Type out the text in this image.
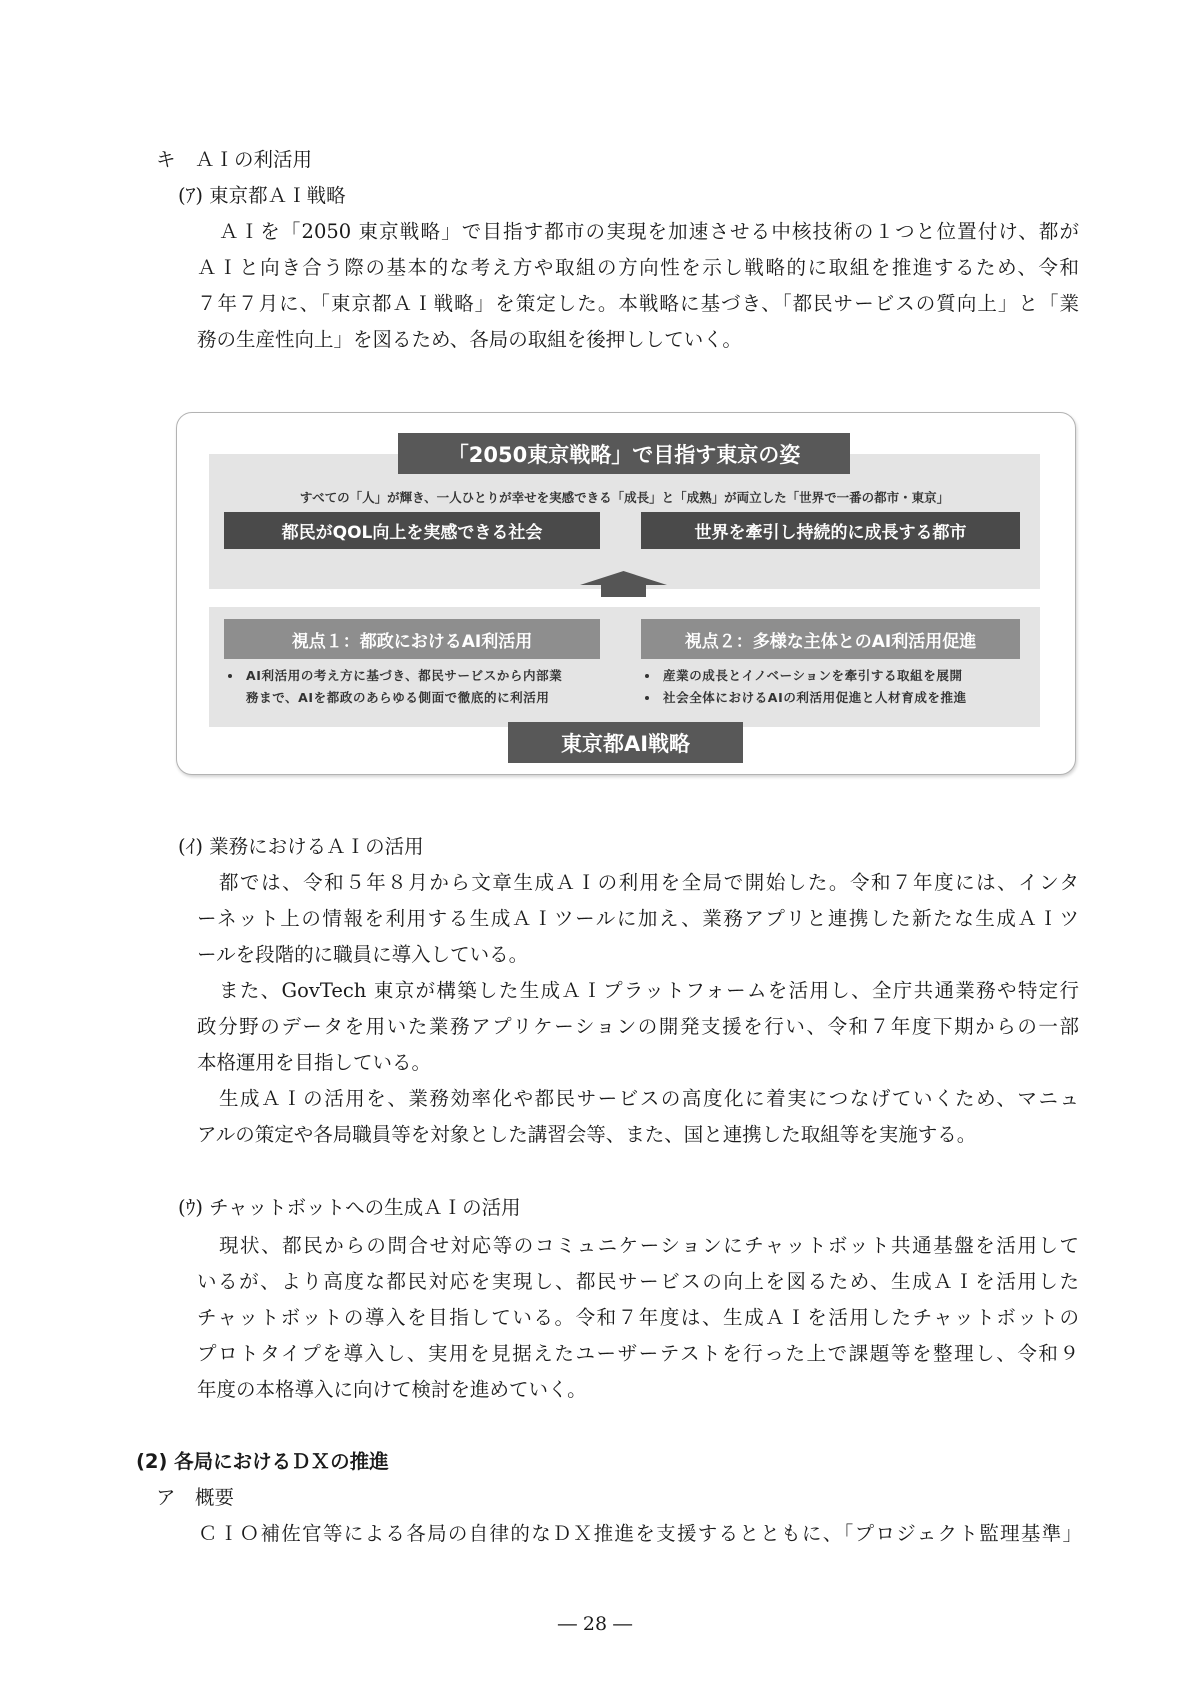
キ　ＡＩの利活用
(ｱ) 東京都ＡＩ戦略
ＡＩを「2050 東京戦略」で目指す都市の実現を加速させる中核技術の１つと位置付け、都が
ＡＩと向き合う際の基本的な考え方や取組の方向性を示し戦略的に取組を推進するため、令和
７年７月に、「東京都ＡＩ戦略」を策定した。本戦略に基づき、「都民サービスの質向上」と「業
務の生産性向上」を図るため、各局の取組を後押ししていく。
「2050東京戦略」で目指す東京の姿
すべての「人」が輝き、一人ひとりが幸せを実感できる「成長」と「成熟」が両立した「世界で一番の都市・東京」
都民がQOL向上を実感できる社会	世界を牽引し持続的に成長する都市
視点１：都政におけるAI利活用	視点２：多様な主体とのAI利活用促進
AI利活用の考え方に基づき、都民サービスから内部業
務まで、AIを都政のあらゆる側面で徹底的に利活用
産業の成長とイノベーションを牽引する取組を展開
社会全体におけるAIの利活用促進と人材育成を推進
東京都AI戦略
(ｲ) 業務におけるＡＩの活用
都では、令和５年８月から文章生成ＡＩの利用を全局で開始した。令和７年度には、インタ
ーネット上の情報を利用する生成ＡＩツールに加え、業務アプリと連携した新たな生成ＡＩツ
ールを段階的に職員に導入している。
また、GovTech 東京が構築した生成ＡＩプラットフォームを活用し、全庁共通業務や特定行
政分野のデータを用いた業務アプリケーションの開発支援を行い、令和７年度下期からの一部
本格運用を目指している。
生成ＡＩの活用を、業務効率化や都民サービスの高度化に着実につなげていくため、マニュ
アルの策定や各局職員等を対象とした講習会等、また、国と連携した取組等を実施する。
(ｳ) チャットボットへの生成ＡＩの活用
現状、都民からの問合せ対応等のコミュニケーションにチャットボット共通基盤を活用して
いるが、より高度な都民対応を実現し、都民サービスの向上を図るため、生成ＡＩを活用した
チャットボットの導入を目指している。令和７年度は、生成ＡＩを活用したチャットボットの
プロトタイプを導入し、実用を見据えたユーザーテストを行った上で課題等を整理し、令和９
年度の本格導入に向けて検討を進めていく。
(2) 各局におけるＤＸの推進
ア　概要
ＣＩＯ補佐官等による各局の自律的なＤＸ推進を支援するとともに、「プロジェクト監理基準」
― 28 ―
